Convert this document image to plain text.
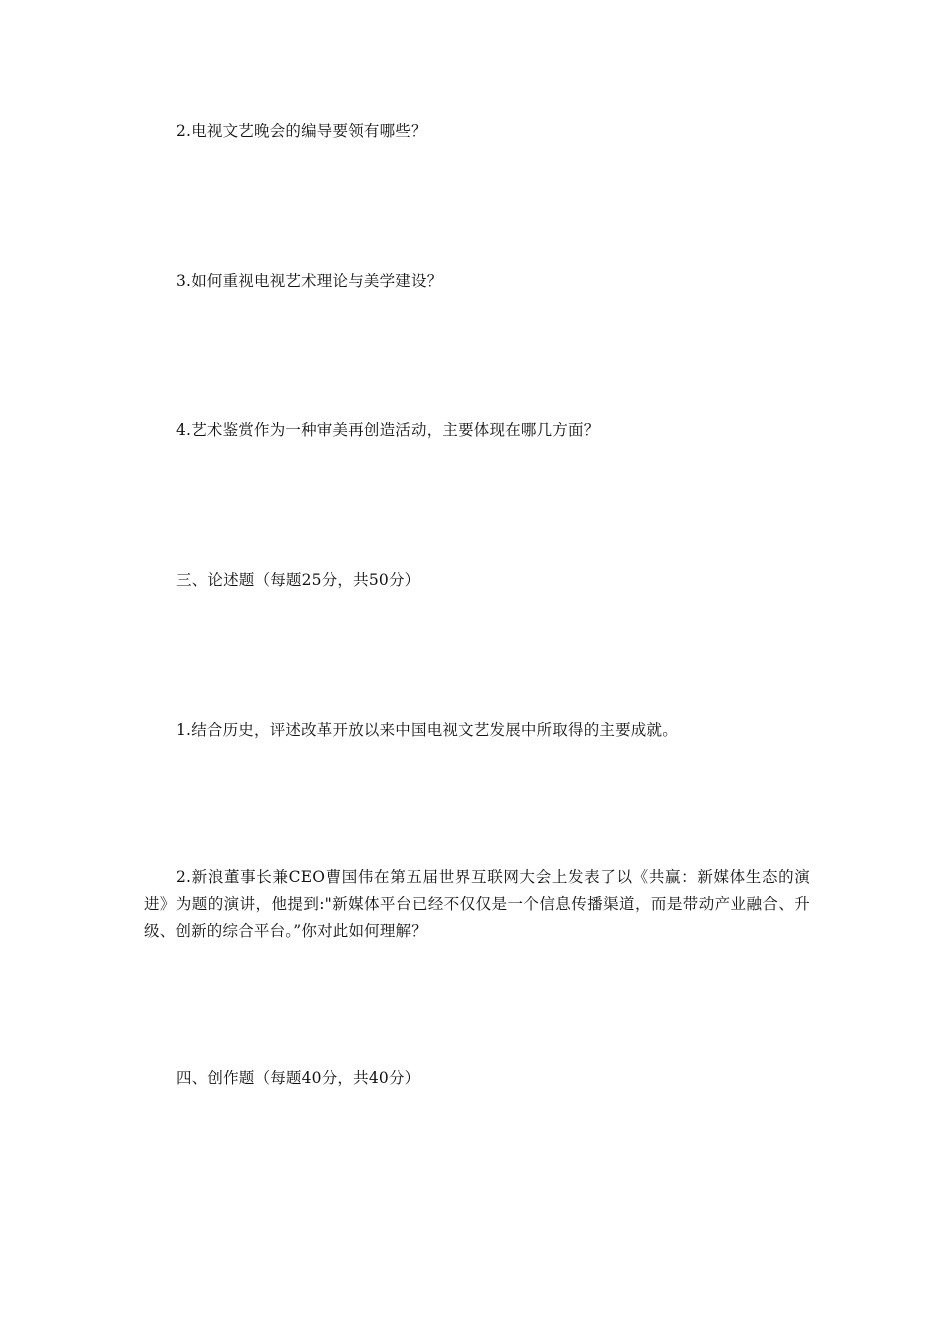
2.电视文艺晚会的编导要领有哪些？
3.如何重视电视艺术理论与美学建设？
4.艺术鉴赏作为一种审美再创造活动，主要体现在哪几方面？
三、论述题（每题25分，共50分）
1.结合历史，评述改革开放以来中国电视文艺发展中所取得的主要成就。
2.新浪董事长兼CEO曹国伟在第五届世界互联网大会上发表了以《共赢：新媒体生态的演进》为题的演讲，他提到:"新媒体平台已经不仅仅是一个信息传播渠道，而是带动产业融合、升级、创新的综合平台。”你对此如何理解？
四、创作题（每题40分，共40分）
